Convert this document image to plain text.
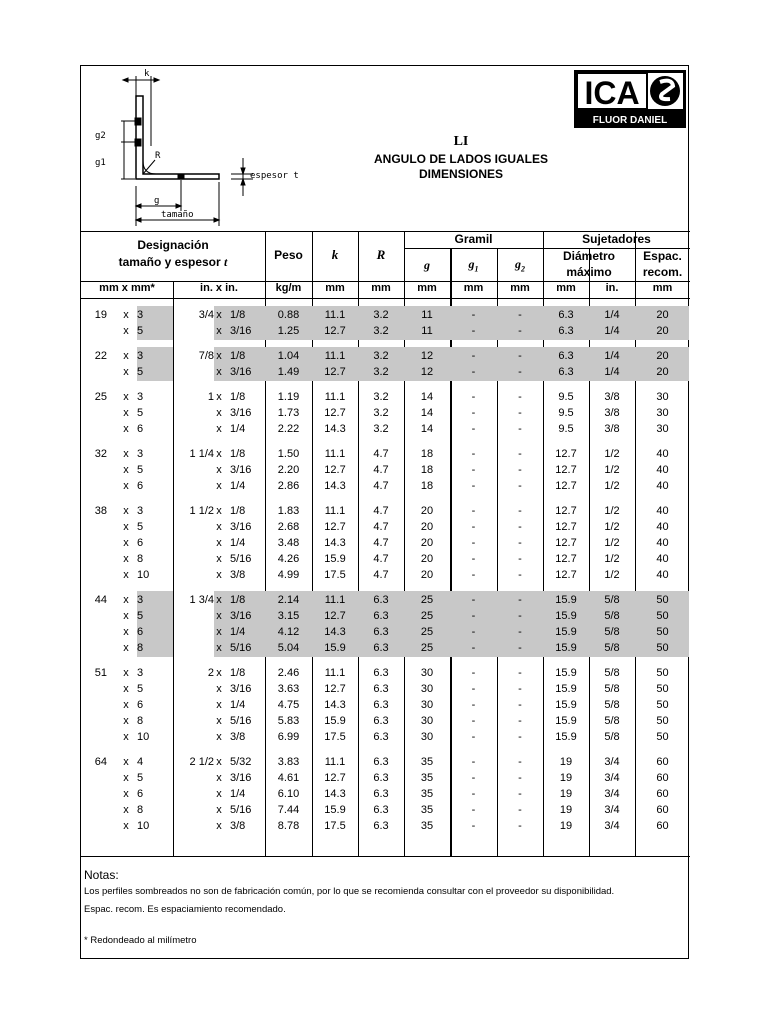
k
g2
g1
R
g
tamaño
espesor t
LI
ANGULO DE LADOS IGUALES
DIMENSIONES
ICA
FLUOR DANIEL
Designación
tamaño y espesor t	Peso	k	R
Gramil
g	$g_1$	$g_2$
Sujetadores
Diámetro
máximo
Espac.
recom.
mm x mm*	in. x in.	kg/m	mm	mm	mm	mm	mm	mm	in.	mm
19 x 3	3/4 x 1/8	0.88	11.1	3.2	11	-	-	6.3	1/4	20
x 5	x 3/16	1.25	12.7	3.2	11	-	-	6.3	1/4	20
22 x 3	7/8 x 1/8	1.04	11.1	3.2	12	-	-	6.3	1/4	20
x 5	x 3/16	1.49	12.7	3.2	12	-	-	6.3	1/4	20
25 x 3	1 x 1/8	1.19	11.1	3.2	14	-	-	9.5	3/8	30
x 5	x 3/16	1.73	12.7	3.2	14	-	-	9.5	3/8	30
x 6	x 1/4	2.22	14.3	3.2	14	-	-	9.5	3/8	30
32 x 3	1 1/4 x 1/8	1.50	11.1	4.7	18	-	-	12.7	1/2	40
x 5	x 3/16	2.20	12.7	4.7	18	-	-	12.7	1/2	40
x 6	x 1/4	2.86	14.3	4.7	18	-	-	12.7	1/2	40
38 x 3	1 1/2 x 1/8	1.83	11.1	4.7	20	-	-	12.7	1/2	40
x 5	x 3/16	2.68	12.7	4.7	20	-	-	12.7	1/2	40
x 6	x 1/4	3.48	14.3	4.7	20	-	-	12.7	1/2	40
x 8	x 5/16	4.26	15.9	4.7	20	-	-	12.7	1/2	40
x 10	x 3/8	4.99	17.5	4.7	20	-	-	12.7	1/2	40
44 x 3	1 3/4 x 1/8	2.14	11.1	6.3	25	-	-	15.9	5/8	50
x 5	x 3/16	3.15	12.7	6.3	25	-	-	15.9	5/8	50
x 6	x 1/4	4.12	14.3	6.3	25	-	-	15.9	5/8	50
x 8	x 5/16	5.04	15.9	6.3	25	-	-	15.9	5/8	50
51 x 3	2 x 1/8	2.46	11.1	6.3	30	-	-	15.9	5/8	50
x 5	x 3/16	3.63	12.7	6.3	30	-	-	15.9	5/8	50
x 6	x 1/4	4.75	14.3	6.3	30	-	-	15.9	5/8	50
x 8	x 5/16	5.83	15.9	6.3	30	-	-	15.9	5/8	50
x 10	x 3/8	6.99	17.5	6.3	30	-	-	15.9	5/8	50
64 x 4	2 1/2 x 5/32	3.83	11.1	6.3	35	-	-	19	3/4	60
x 5	x 3/16	4.61	12.7	6.3	35	-	-	19	3/4	60
x 6	x 1/4	6.10	14.3	6.3	35	-	-	19	3/4	60
x 8	x 5/16	7.44	15.9	6.3	35	-	-	19	3/4	60
x 10	x 3/8	8.78	17.5	6.3	35	-	-	19	3/4	60
Notas:
Los perfiles sombreados no son de fabricación común, por lo que se recomienda consultar con el proveedor su disponibilidad.
Espac. recom. Es espaciamiento recomendado.
* Redondeado al milímetro
